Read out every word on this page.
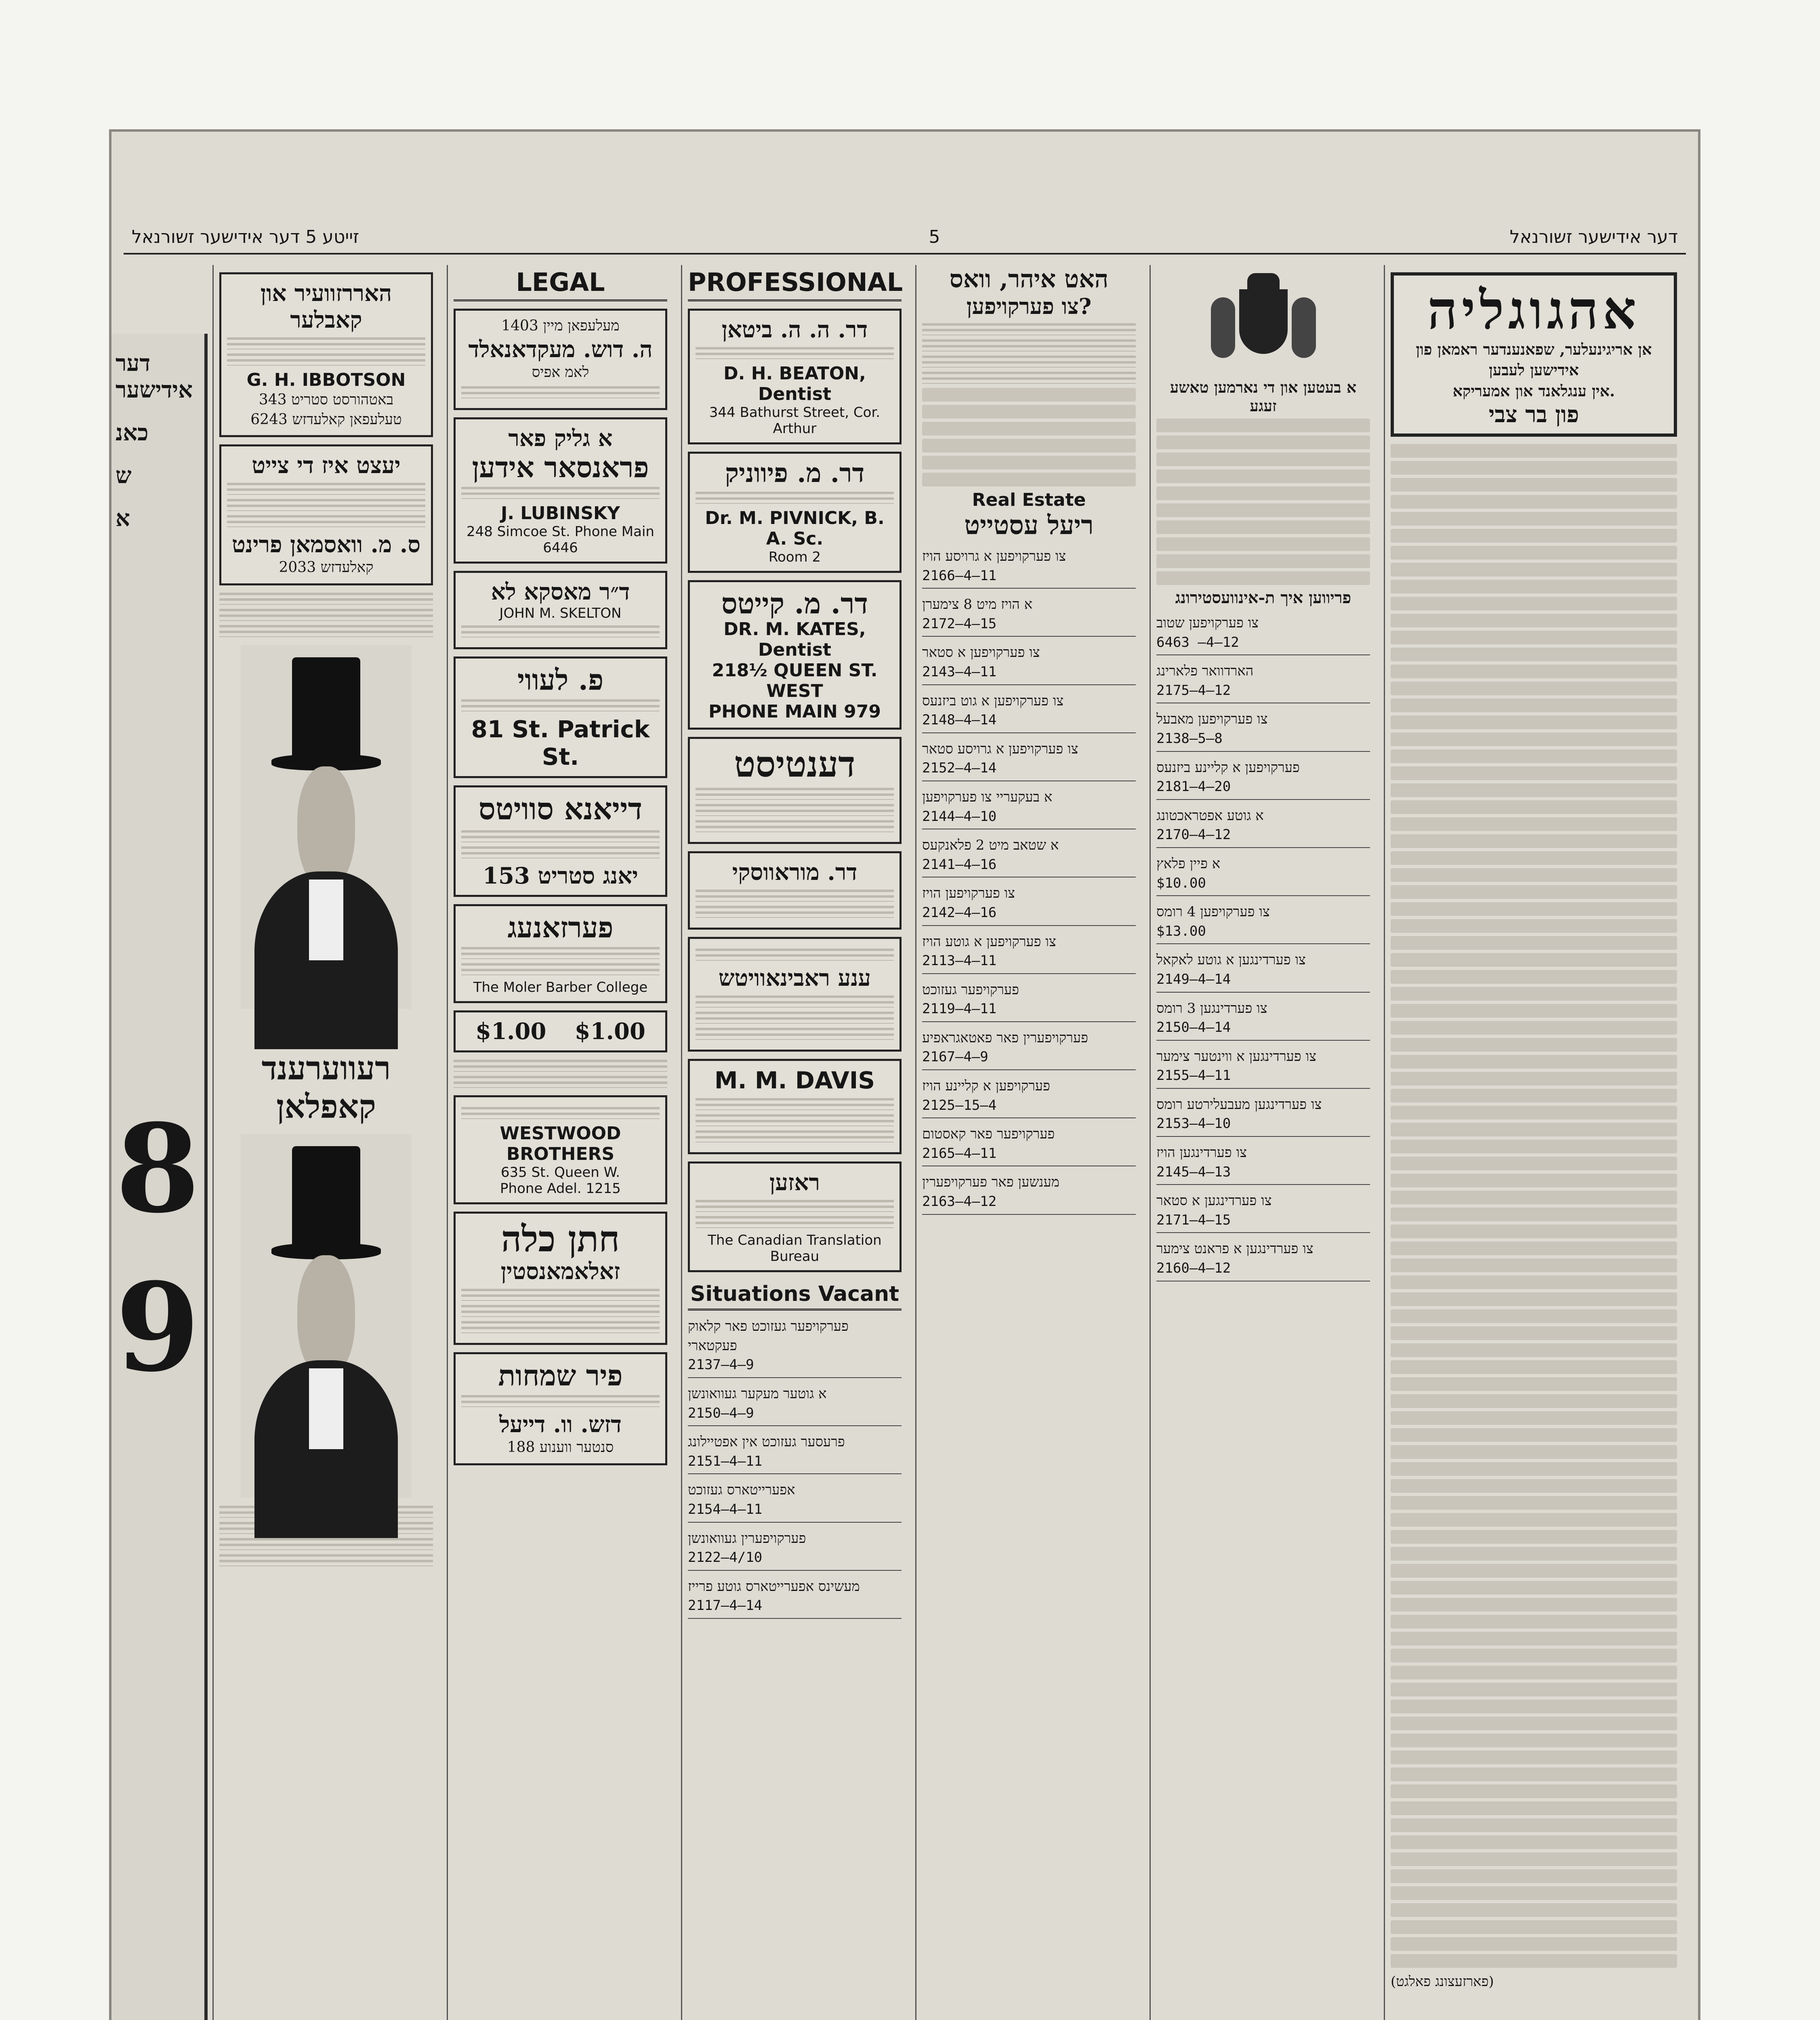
דער אידישער
כאנ
ש
א
8
9
זייטע 5 דער אידישער זשורנאל	5	דער אידישער זשורנאל
האררזוועיר און
קאבלער
G. H. IBBOTSON
343 באטהורסט סטריט
טעלעפאן קאלעדזש 6243
יעצט איז די צייט
ס. מ. וואסמאן פרינט
קאלעדזש 2033
רעווערענד קאפלאן
LEGAL
מעלעפאן מיין 1403
ה. דוש. מעקדאנאלד
לאמ אפיס
א גליק פאר
פראנסאר אידען
J. LUBINSKY
248 Simcoe St. Phone Main 6446
ד״ר מאסקא לא
JOHN M. SKELTON
פ. לעווי
81 St. Patrick St.
דייאנא סוויטס
153 יאנג סטריט
פערזאנעג
The Moler Barber College
$1.00 $1.00
WESTWOOD BROTHERS
635 St. Queen W.
Phone Adel. 1215
חתן כלה
זאלאמאנסטין
פיר שמחות
דזש. וו. דייעל
188 סנטער ווענוע
PROFESSIONAL
דר. ה. ה. ביטאן
D. H. BEATON, Dentist
344 Bathurst Street, Cor. Arthur
דר. מ. פיווניק
Dr. M. PIVNICK, B. A. Sc.
Room 2
דר. מ. קייטס
DR. M. KATES, Dentist
218½ QUEEN ST. WEST
PHONE MAIN 979
דענטיסט
דר. מוראווסקי
ענע ראבינאוויטש
M. M. DAVIS
ראזען
The Canadian Translation Bureau
Situations Vacant
פערקויפער געזוכט פאר קלאוק פעקטארי
2137—4—9
א גוטער מעקער געוואונשן
2150—4—9
פרעסער געזוכט אין אפטיילונג
2151—4—11
אפערייטארס געזוכט
2154—4—11
פערקויפערין געוואונשן
2122—4/10
מעשינס אפערייטארס גוטע פרייז
2117—4—14
האט איהר, וואס
צו פערקויפען?
Real Estate
ריעל עסטייט
צו פערקויפען א גרויסע הויז
2166—4—11
א הויז מיט 8 צימערן
2172—4—15
צו פערקויפען א סטאר
2143—4—11
צו פערקויפען א גוט ביזנעס
2148—4—14
צו פערקויפען א גרויסע סטאר
2152—4—14
א בעקעריי צו פערקויפען
2144—4—10
א שטאב מיט 2 פלאנקעס
2141—4—16
צו פערקויפען הויז
2142—4—16
צו פערקויפען א גוטע הויז
2113—4—11
פערקויפער געזוכט
2119—4—11
פערקויפערין פאר פאטאגראפיע
2167—4—9
פערקויפען א קליינע הויז
2125—15—4
פערקויפער פאר קאסטום
2165—4—11
מענשען פאר פערקויפערין
2163—4—12
א בעטען און די נארמען טאשע זעגע
פריווען איך ת-אינוועסטירונג
צו פערקויפען שטוב
6463 —4—12
הארדוואר פלארינג
2175—4—12
צו פערקויפען מאבעל
2138—5—8
פערקויפען א קליינע ביזנעס
2181—4—20
א גוטע אפטראכטונג
2170—4—12
א פיין פלאץ
$10.00
צו פערקויפען 4 רומס
$13.00
צו פערדינגען א גוטע לאקאל
2149—4—14
צו פערדינגען 3 רומס
2150—4—14
צו פערדינגען א ווינטער צימער
2155—4—11
צו פערדינגען מעבעלירטע רומס
2153—4—10
צו פערדינגען הויז
2145—4—13
צו פערדינגען א סטאר
2171—4—15
צו פערדינגען א פראנט צימער
2160—4—12
אהגוגליה
אן אריגינעלער, שפאנענדער ראמאן פון אידישען לעבען
אין ענגלאנד און אמעריקא.
פון בר צבי
(פארזעצונג פאלגט)
